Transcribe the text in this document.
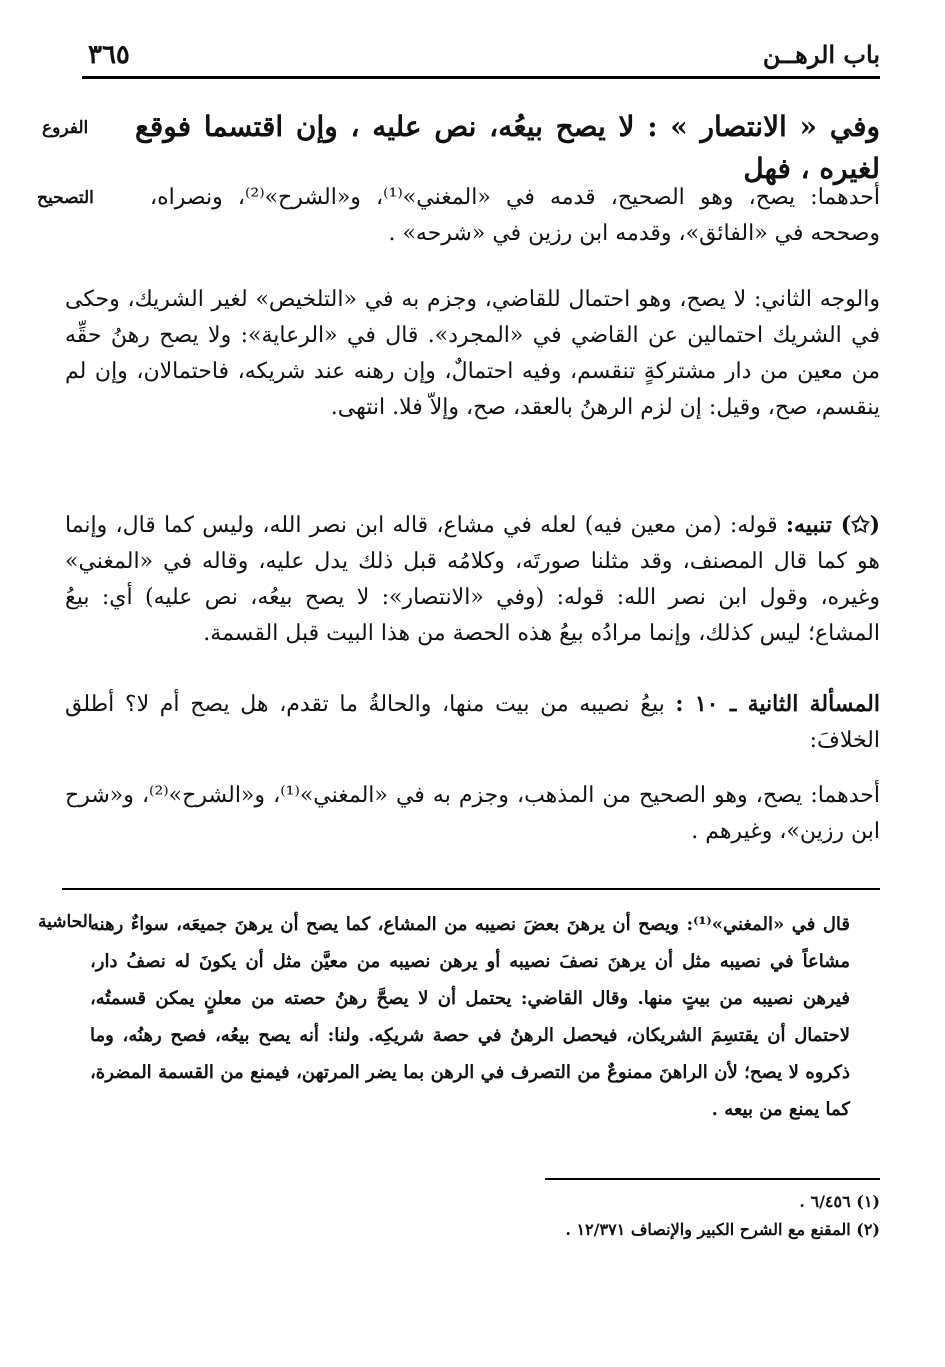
باب الرهــن
٣٦٥
الفروع
التصحيح
الحاشية

وفي « الانتصار » : لا يصح بيعُه، نص عليه ، وإن اقتسما فوقع لغيره ، فهل

أحدهما: يصح، وهو الصحيح، قدمه في «المغني»⁽¹⁾، و«الشرح»⁽²⁾، ونصراه، وصححه في «الفائق»، وقدمه ابن رزين في «شرحه» .

والوجه الثاني: لا يصح، وهو احتمال للقاضي، وجزم به في «التلخيص» لغير الشريك، وحكى في الشريك احتمالين عن القاضي في «المجرد». قال في «الرعاية»: ولا يصح رهنُ حقِّه من معين من دار مشتركةٍ تنقسم، وفيه احتمالٌ، وإن رهنه عند شريكه، فاحتمالان، وإن لم ينقسم، صح، وقيل: إن لزم الرهنُ بالعقد، صح، وإلاّ فلا. انتهى.

(✩) تنبيه: قوله: (من معين فيه) لعله في مشاع، قاله ابن نصر الله، وليس كما قال، وإنما هو كما قال المصنف، وقد مثلنا صورتَه، وكلامُه قبل ذلك يدل عليه، وقاله في «المغني» وغيره، وقول ابن نصر الله: قوله: (وفي «الانتصار»: لا يصح بيعُه، نص عليه) أي: بيعُ المشاع؛ ليس كذلك، وإنما مرادُه بيعُ هذه الحصة من هذا البيت قبل القسمة.

المسألة الثانية ـ ١٠ : بيعُ نصيبه من بيت منها، والحالةُ ما تقدم، هل يصح أم لا؟ أطلق الخلافَ:

أحدهما: يصح، وهو الصحيح من المذهب، وجزم به في «المغني»⁽¹⁾، و«الشرح»⁽²⁾، و«شرح ابن رزين»، وغيرهم .

قال في «المغني»⁽¹⁾: ويصح أن يرهنَ بعضَ نصيبه من المشاع، كما يصح أن يرهنَ جميعَه، سواءٌ رهنه مشاعاً في نصيبه مثل أن يرهنَ نصفَ نصيبه أو يرهن نصيبه من معيَّن مثل أن يكونَ له نصفُ دار، فيرهن نصيبه من بيتٍ منها. وقال القاضي: يحتمل أن لا يصحَّ رهنُ حصته من معلنٍ يمكن قسمتُه، لاحتمال أن يقتسِمَ الشريكان، فيحصل الرهنُ في حصة شريكِه. ولنا: أنه يصح بيعُه، فصح رهنُه، وما ذكروه لا يصح؛ لأن الراهنَ ممنوعٌ من التصرف في الرهن بما يضر المرتهن، فيمنع من القسمة المضرة، كما يمنع من بيعه .

(١) ٦/٤٥٦ .

(٢) المقنع مع الشرح الكبير والإنصاف ١٢/٣٧١ .
